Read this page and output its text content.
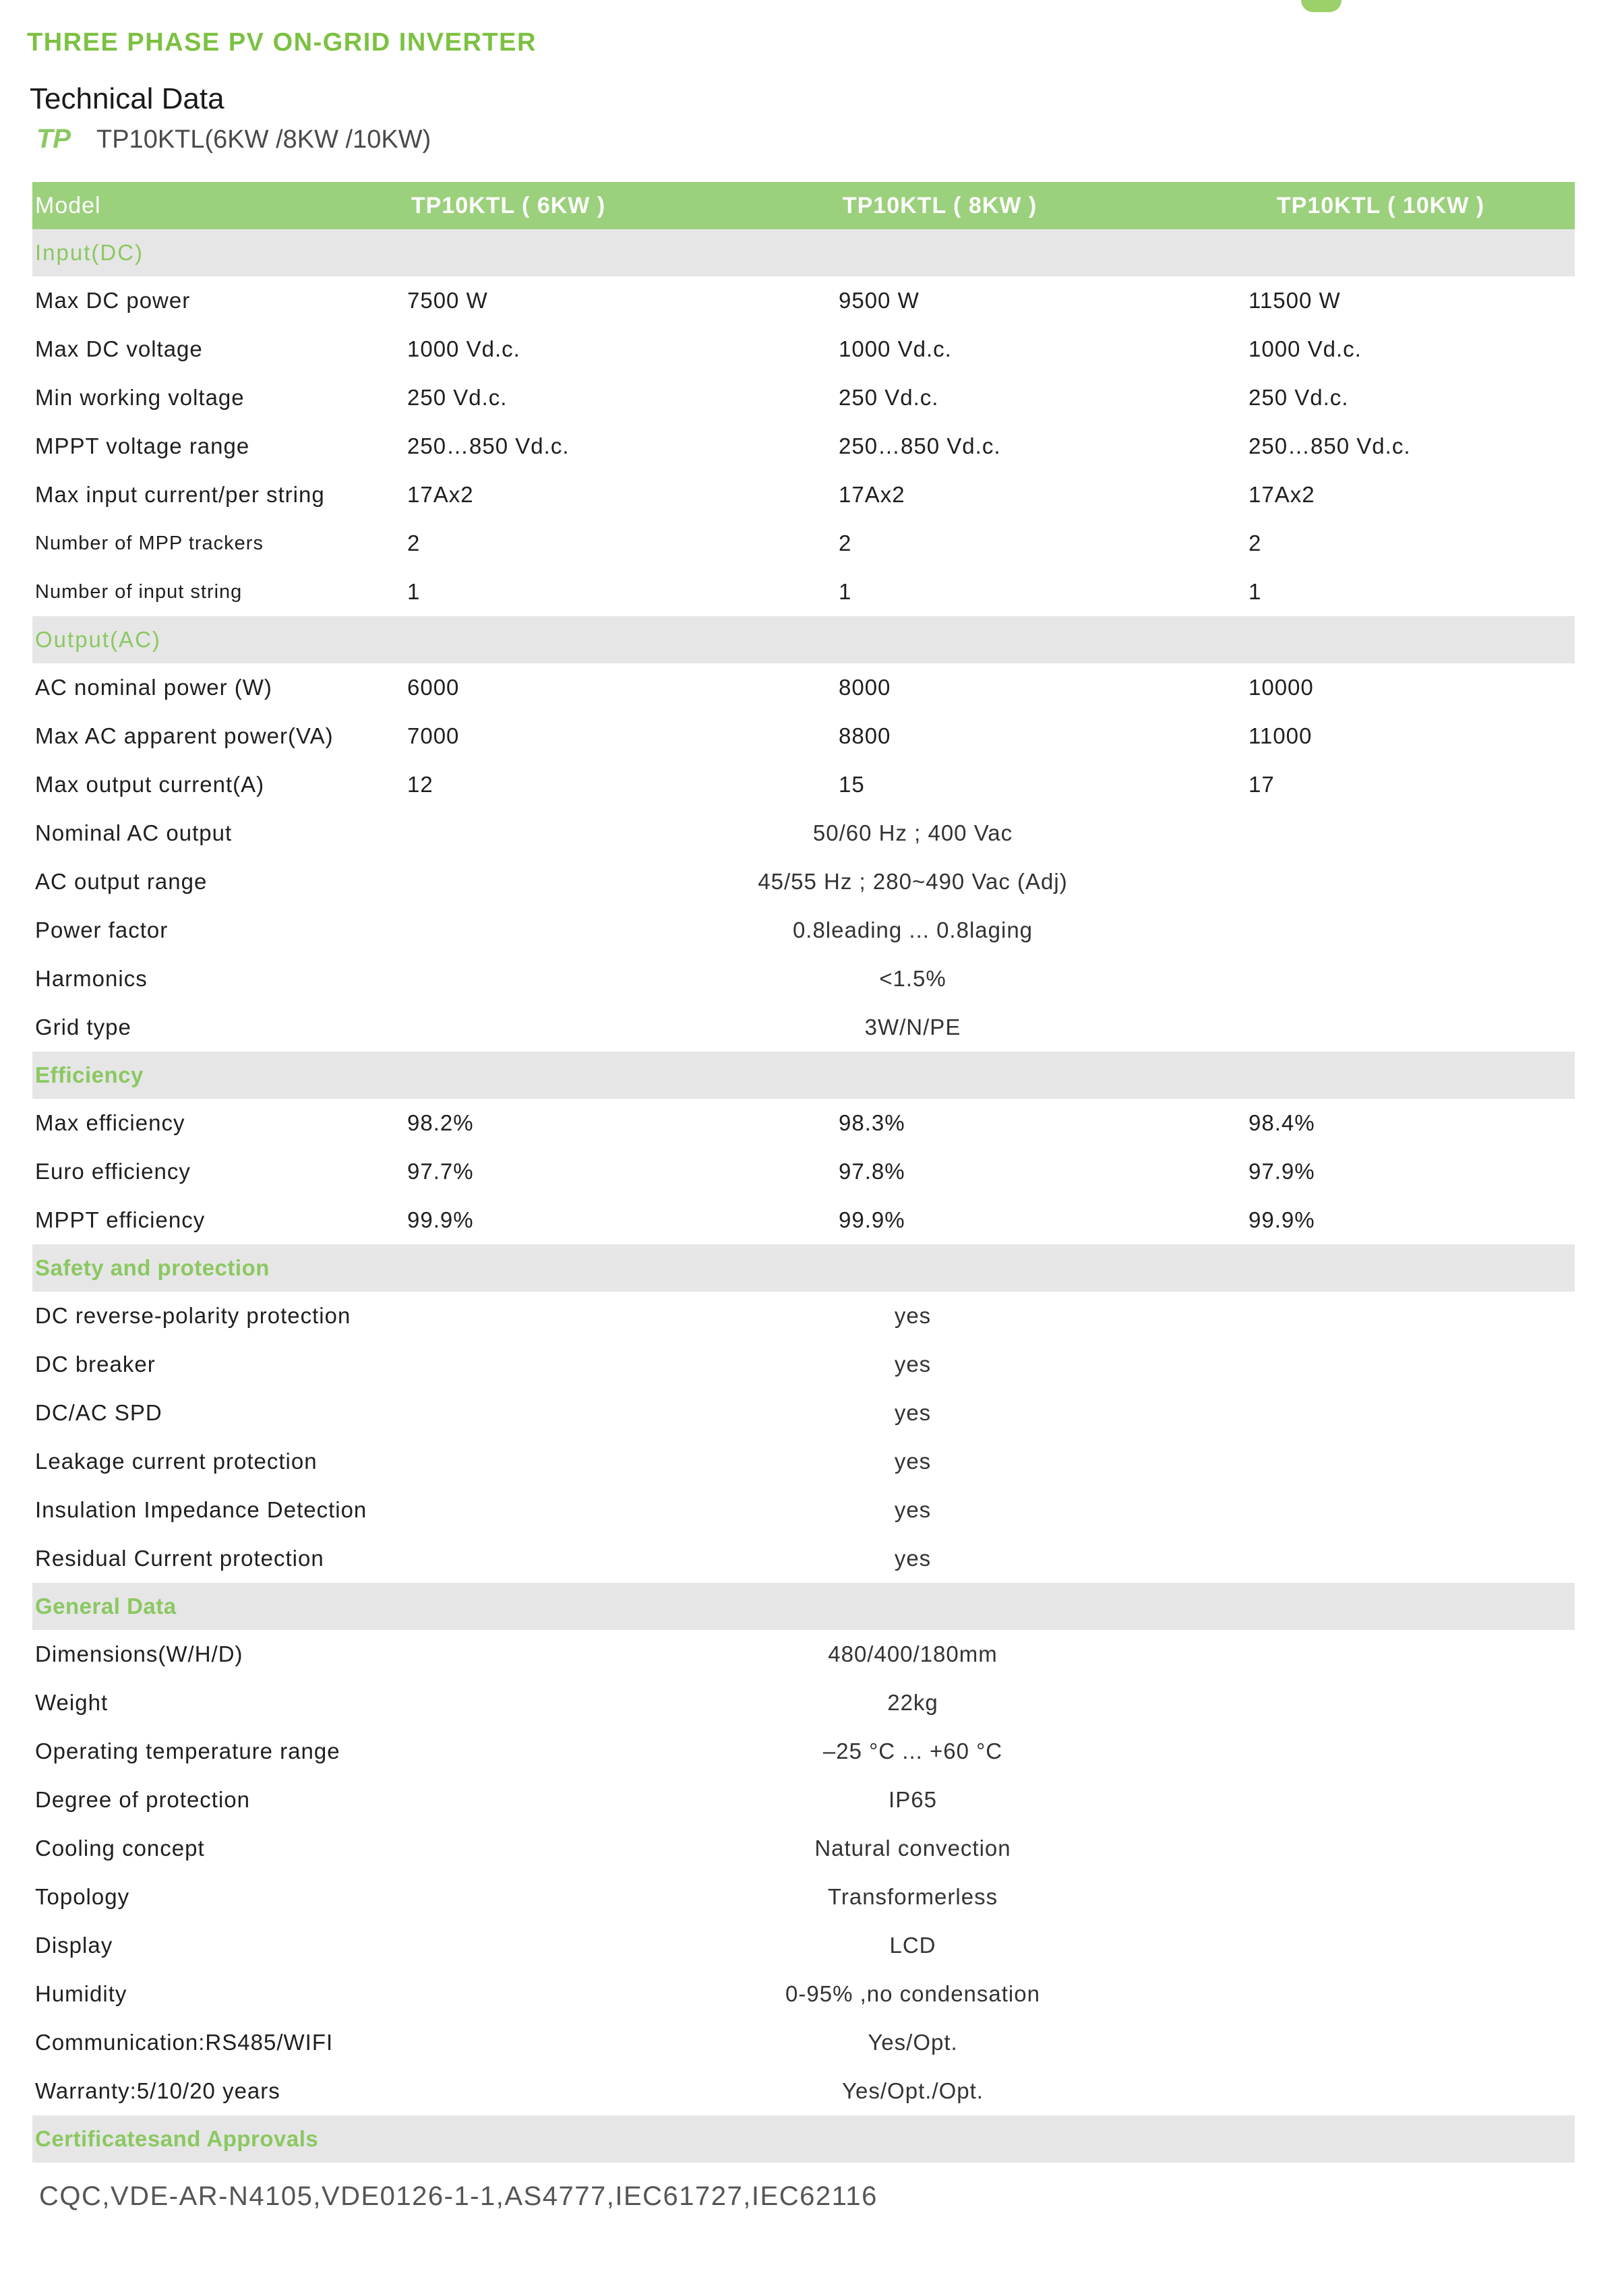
THREE PHASE PV ON-GRID INVERTER
Technical Data
TP TP10KTL(6KW /8KW /10KW)
Model	TP10KTL ( 6KW )	TP10KTL ( 8KW )	TP10KTL ( 10KW )
Input(DC)
Max DC power	7500 W	9500 W	11500 W
Max DC voltage	1000 Vd.c.	1000 Vd.c.	1000 Vd.c.
Min working voltage	250 Vd.c.	250 Vd.c.	250 Vd.c.
MPPT voltage range	250…850 Vd.c.	250…850 Vd.c.	250…850 Vd.c.
Max input current/per string	17Ax2	17Ax2	17Ax2
Number of MPP trackers	2	2	2
Number of input string	1	1	1
Output(AC)
AC nominal power (W)	6000	8000	10000
Max AC apparent power(VA)	7000	8800	11000
Max output current(A)	12	15	17
Nominal AC output	50/60 Hz ; 400 Vac
AC output range	45/55 Hz ; 280~490 Vac (Adj)
Power factor	0.8leading ... 0.8laging
Harmonics	<1.5%
Grid type	3W/N/PE
Efficiency
Max efficiency	98.2%	98.3%	98.4%
Euro efficiency	97.7%	97.8%	97.9%
MPPT efficiency	99.9%	99.9%	99.9%
Safety and protection
DC reverse-polarity protection	yes
DC breaker	yes
DC/AC SPD	yes
Leakage current protection	yes
Insulation Impedance Detection	yes
Residual Current protection	yes
General Data
Dimensions(W/H/D)	480/400/180mm
Weight	22kg
Operating temperature range	–25 °C ... +60 °C
Degree of protection	IP65
Cooling concept	Natural convection
Topology	Transformerless
Display	LCD
Humidity	0-95% ,no condensation
Communication:RS485/WIFI	Yes/Opt.
Warranty:5/10/20 years	Yes/Opt./Opt.
Certificatesand Approvals
CQC,VDE-AR-N4105,VDE0126-1-1,AS4777,IEC61727,IEC62116
